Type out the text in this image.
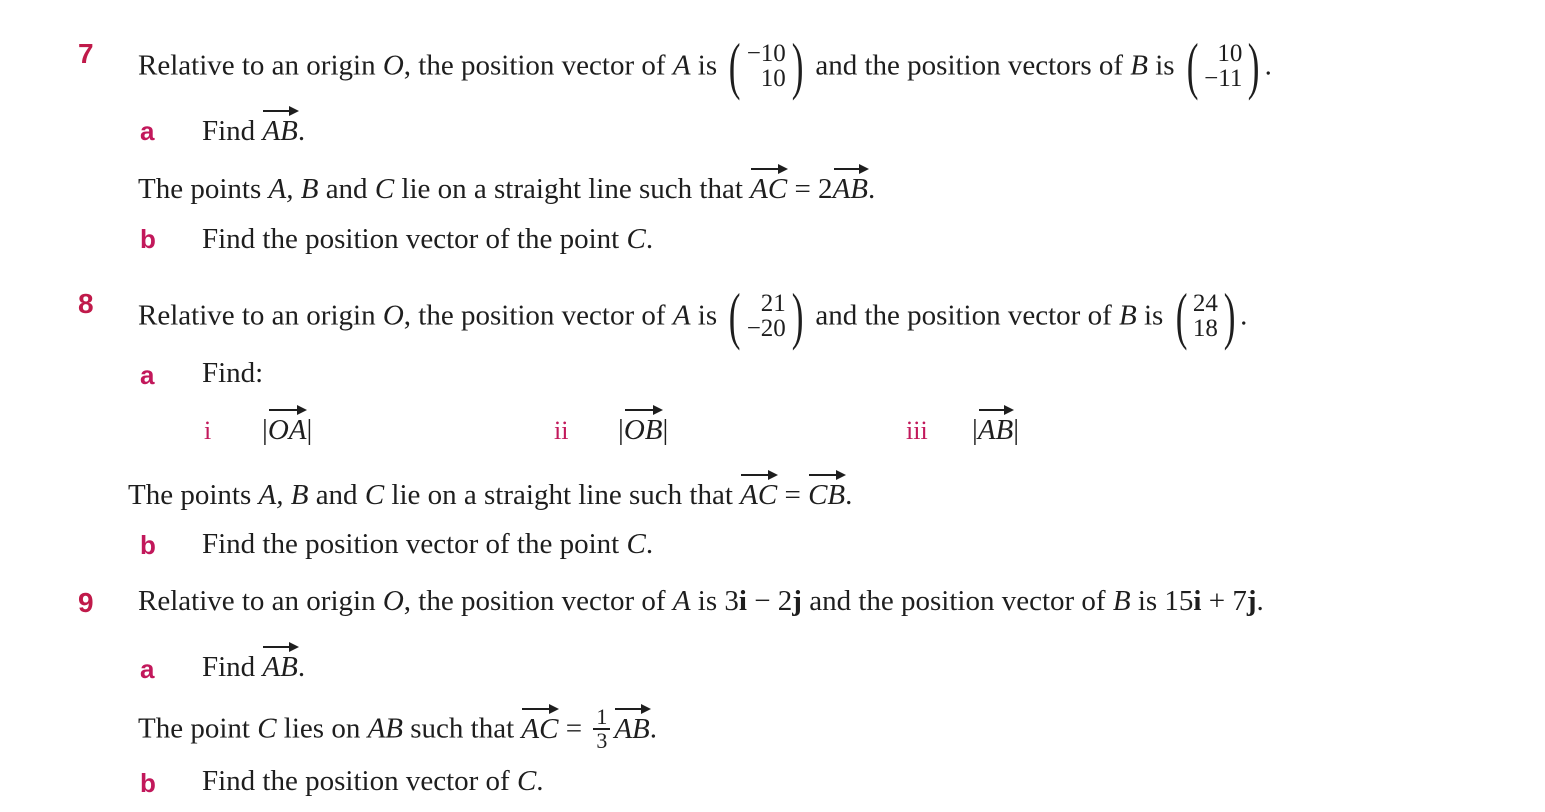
7 Relative to an origin O, the position vector of A is ( −10
10 ) and the position vectors of B is ( 10
−11 ) .
a Find AB.
The points A, B and C lie on a straight line such that AC = 2AB.
b Find the position vector of the point C.
8 Relative to an origin O, the position vector of A is ( 21
−20 ) and the position vector of B is ( 24
18 ) .
a Find:
i |OA|	ii |OB|	iii |AB|
The points A, B and C lie on a straight line such that AC = CB.
b Find the position vector of the point C.
9 Relative to an origin O, the position vector of A is 3i − 2j and the position vector of B is 15i + 7j.
a Find AB.
The point C lies on AB such that AC = $\frac{1}{3}$ AB.
b Find the position vector of C.
